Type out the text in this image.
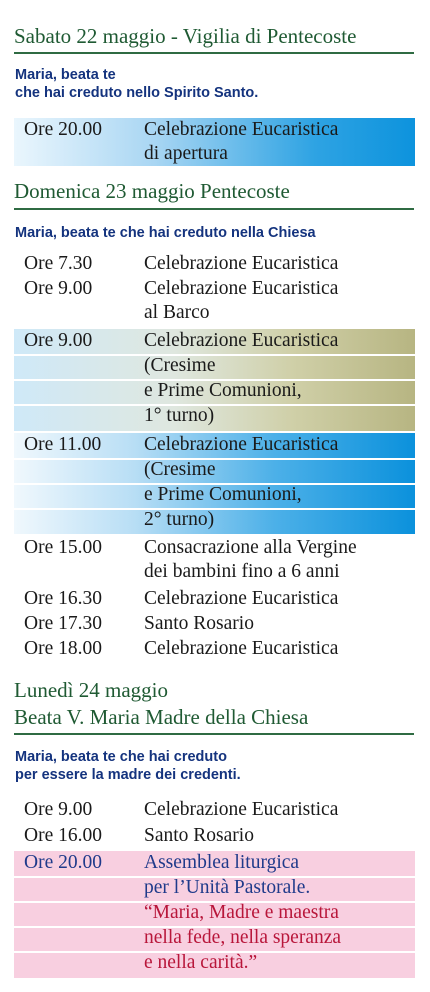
Sabato 22 maggio - Vigilia di Pentecoste
Maria, beata te
che hai creduto nello Spirito Santo.
Ore 20.00 Celebrazione Eucaristica
di apertura
Domenica 23 maggio Pentecoste
Maria, beata te che hai creduto nella Chiesa
Ore 7.30	Celebrazione Eucaristica
Ore 9.00	Celebrazione Eucaristica
al Barco
Ore 9.00	Celebrazione Eucaristica
(Cresime
e Prime Comunioni,
1° turno)
Ore 11.00 Celebrazione Eucaristica
(Cresime
e Prime Comunioni,
2° turno)
Ore 15.00 Consacrazione alla Vergine
dei bambini fino a 6 anni
Ore 16.30 Celebrazione Eucaristica
Ore 17.30 Santo Rosario
Ore 18.00 Celebrazione Eucaristica
Lunedì 24 maggio
Beata V. Maria Madre della Chiesa
Maria, beata te che hai creduto
per essere la madre dei credenti.
Ore 9.00	Celebrazione Eucaristica
Ore 16.00 Santo Rosario
Ore 20.00 Assemblea liturgica
per l’Unità Pastorale.
“Maria, Madre e maestra
nella fede, nella speranza
e nella carità.”
